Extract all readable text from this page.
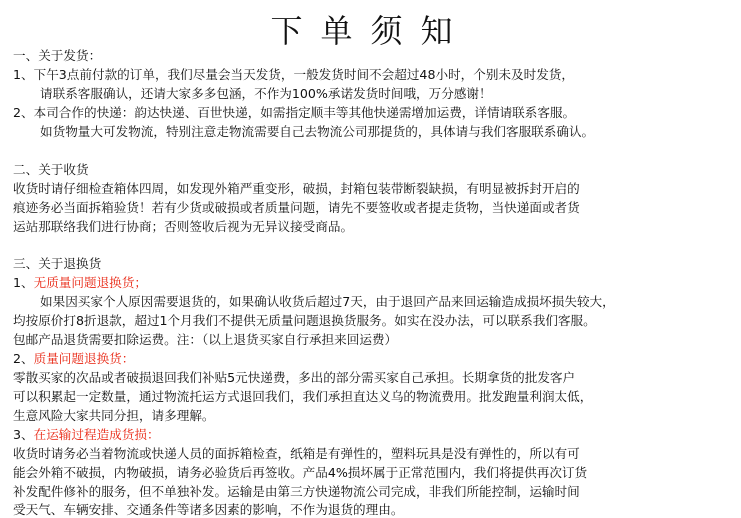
下单须知
一、关于发货：
1、下午3点前付款的订单，我们尽量会当天发货，一般发货时间不会超过48小时，个别未及时发货，
请联系客服确认，还请大家多多包涵，不作为100%承诺发货时间哦，万分感谢！
2、本司合作的快递：韵达快递、百世快递，如需指定顺丰等其他快递需增加运费，详情请联系客服。
如货物量大可发物流，特别注意走物流需要自己去物流公司那提货的，具体请与我们客服联系确认。
二、关于收货
收货时请仔细检查箱体四周，如发现外箱严重变形，破损，封箱包装带断裂缺损，有明显被拆封开启的
痕迹务必当面拆箱验货！若有少货或破损或者质量问题，请先不要签收或者提走货物，当快递面或者货
运站那联络我们进行协商；否则签收后视为无异议接受商品。
三、关于退换货
1、无质量问题退换货；
如果因买家个人原因需要退货的，如果确认收货后超过7天，由于退回产品来回运输造成损坏损失较大，
均按原价打8折退款，超过1个月我们不提供无质量问题退换货服务。如实在没办法，可以联系我们客服。
包邮产品退货需要扣除运费。注：（以上退货买家自行承担来回运费）
2、质量问题退换货：
零散买家的次品或者破损退回我们补贴5元快递费，多出的部分需买家自己承担。长期拿货的批发客户
可以积累起一定数量，通过物流托运方式退回我们，我们承担直达义乌的物流费用。批发跑量利润太低，
生意风险大家共同分担，请多理解。
3、在运输过程造成货损：
收货时请务必当着物流或快递人员的面拆箱检查，纸箱是有弹性的，塑料玩具是没有弹性的，所以有可
能会外箱不破损，内物破损，请务必验货后再签收。产品4%损坏属于正常范围内，我们将提供再次订货
补发配件修补的服务，但不单独补发。运输是由第三方快递物流公司完成，非我们所能控制，运输时间
受天气、车辆安排、交通条件等诸多因素的影响，不作为退货的理由。
